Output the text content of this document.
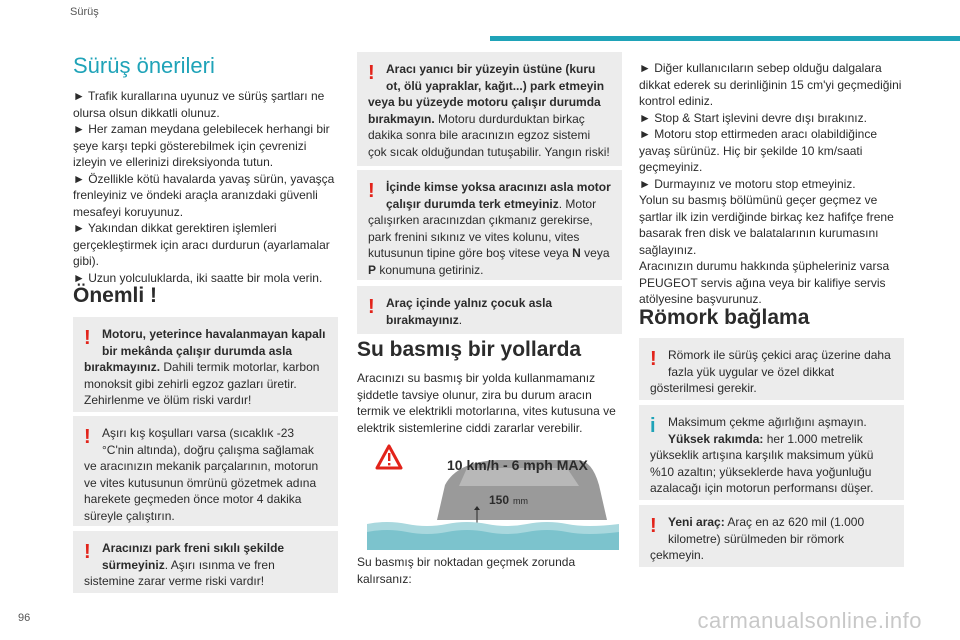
Sürüş
Sürüş önerileri

► Trafik kurallarına uyunuz ve sürüş şartları ne olursa olsun dikkatli olunuz.

► Her zaman meydana gelebilecek herhangi bir şeye karşı tepki gösterebilmek için çevrenizi izleyin ve ellerinizi direksiyonda tutun.

► Özellikle kötü havalarda yavaş sürün, yavaşça frenleyiniz ve öndeki araçla aranızdaki güvenli mesafeyi koruyunuz.

► Yakından dikkat gerektiren işlemleri gerçekleştirmek için aracı durdurun (ayarlamalar gibi).

► Uzun yolculuklarda, iki saatte bir mola verin.

Önemli !
! Motoru, yeterince havalanmayan kapalı bir mekânda çalışır durumda asla bırakmayınız. Dahili termik motorlar, karbon monoksit gibi zehirli egzoz gazları üretir. Zehirlenme ve ölüm riski vardır!
! Aşırı kış koşulları varsa (sıcaklık -23 °C'nin altında), doğru çalışma sağlamak ve aracınızın mekanik parçalarının, motorun ve vites kutusunun ömrünü gözetmek adına harekete geçmeden önce motor 4 dakika süreyle çalıştırın.
! Aracınızı park freni sıkılı şekilde sürmeyiniz. Aşırı ısınma ve fren sistemine zarar verme riski vardır!
! Aracı yanıcı bir yüzeyin üstüne (kuru ot, ölü yapraklar, kağıt...) park etmeyin veya bu yüzeyde motoru çalışır durumda bırakmayın. Motoru durdurduktan birkaç dakika sonra bile aracınızın egzoz sistemi çok sıcak olduğundan tutuşabilir. Yangın riski!
! İçinde kimse yoksa aracınızı asla motor çalışır durumda terk etmeyiniz. Motor çalışırken aracınızdan çıkmanız gerekirse, park frenini sıkınız ve vites kolunu, vites kutusunun tipine göre boş vitese veya N veya P konumuna getiriniz.
! Araç içinde yalnız çocuk asla bırakmayınız.
Su basmış bir yollarda

Aracınızı su basmış bir yolda kullanmamanız şiddetle tavsiye olunur, zira bu durum aracın termik ve elektrikli motorlarına, vites kutusuna ve elektrik sistemlerine ciddi zararlar verebilir.

10 km/h - 6 mph MAX
150 mm

Su basmış bir noktadan geçmek zorunda kalırsanız:

► Diğer kullanıcıların sebep olduğu dalgalara dikkat ederek su derinliğinin 15 cm'yi geçmediğini kontrol ediniz.

► Stop & Start işlevini devre dışı bırakınız.

► Motoru stop ettirmeden aracı olabildiğince yavaş sürünüz. Hiç bir şekilde 10 km/saati geçmeyiniz.

► Durmayınız ve motoru stop etmeyiniz.

Yolun su basmış bölümünü geçer geçmez ve şartlar ilk izin verdiğinde birkaç kez hafifçe frene basarak fren disk ve balatalarının kurumasını sağlayınız.

Aracınızın durumu hakkında şüpheleriniz varsa PEUGEOT servis ağına veya bir kalifiye servis atölyesine başvurunuz.

Römork bağlama
! Römork ile sürüş çekici araç üzerine daha fazla yük uygular ve özel dikkat gösterilmesi gerekir.
i	Maksimum çekme ağırlığını aşmayın.
Yüksek rakımda: her 1.000 metrelik yükseklik artışına karşılık maksimum yükü %10 azaltın; yükseklerde hava yoğunluğu azalacağı için motorun performansı düşer.
! Yeni araç: Araç en az 620 mil (1.000 kilometre) sürülmeden bir römork çekmeyin.
96	carmanualsonline.info
